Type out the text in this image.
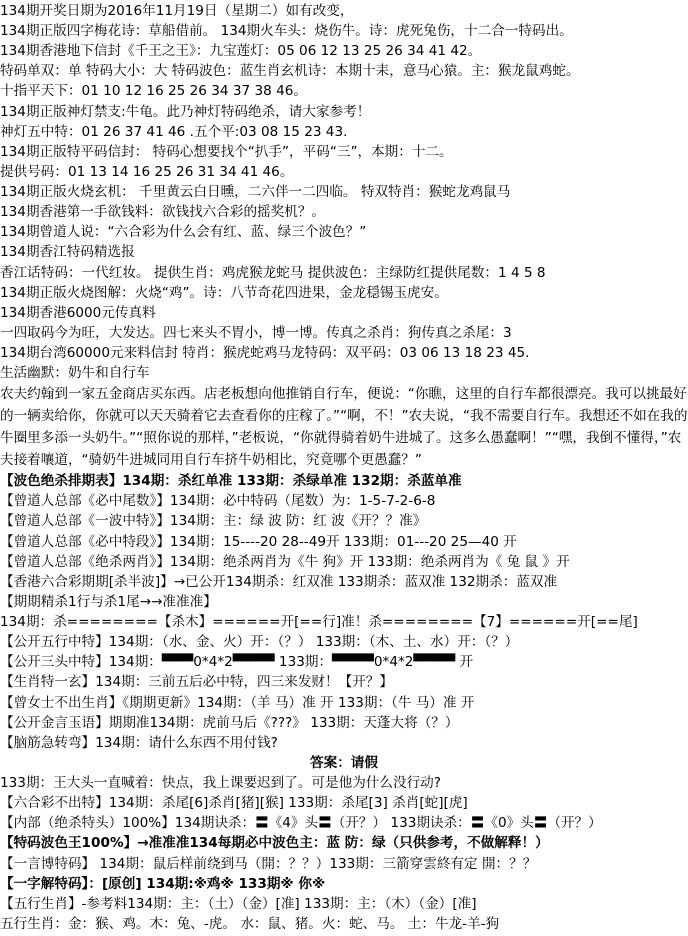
134期开奖日期为2016年11月19日（星期二）如有改变，
134期正版四字梅花诗：草船借前。 134期火车头：烧伤牛。诗：虎死兔伤，十二合一特码出。
134期香港地下信封《千王之王》：九宝莲灯：05 06 12 13 25 26 34 41 42。
特码单双：单 特码大小：大 特码波色：蓝生肖玄机诗：本期十耒，意马心猿。主：猴龙鼠鸡蛇。
十指平天下：01 10 12 16 25 26 34 37 38 46。
134期正版神灯禁支:牛龟。此乃神灯特码绝杀，请大家参考！
神灯五中特：01 26 37 41 46 .五个平:03 08 15 23 43.
134期正版特平码信封： 特码心想要找个“扒手”，平码“三”，本期：十二。
提供号码：01 13 14 16 25 26 31 34 41 46。
134期正版火烧玄机： 千里黄云白日曛，二六伴一二四临。 特双特肖：猴蛇龙鸡鼠马
134期香港第一手欲钱料：欲钱找六合彩的摇奖机？。
134期曾道人说：“六合彩为什么会有红、蓝、绿三个波色？”
134期香江特码精选报
香江话特码：一代红妆。 提供生肖：鸡虎猴龙蛇马 提供波色：主绿防红提供尾数：1 4 5 8
134期正版火烧图解：火烧“鸡”。诗：八节奇花四进果，金龙穏锡玉虎安。
134期香港6000元传真料
一四取码今为旺，大发达。四七来头不胃小，博一博。传真之杀肖：狗传真之杀尾：3
134期台湾60000元来料信封 特肖：猴虎蛇鸡马龙特码：双平码：03 06 13 18 23 45.
生活幽默：奶牛和自行车
农夫约翰到一家五金商店买东西。店老板想向他推销自行车，便说：“你瞧，这里的自行车都很漂亮。我可以挑最好的一辆卖给你，你就可以天天骑着它去查看你的庄稼了。”“啊，不！”农夫说，“我不需要自行车。我想还不如在我的牛圈里多添一头奶牛。”“照你说的那样，”老板说，“你就得骑着奶牛进城了。这多么愚蠢啊！”“嘿，我倒不懂得，”农夫接着嚷道，“骑奶牛进城同用自行车挤牛奶相比，究竟哪个更愚蠢？”
【波色绝杀排期表】134期：杀红单准 133期：杀绿单准 132期：杀蓝单准
【曾道人总部《必中尾数》】134期：必中特码（尾数）为：1-5-7-2-6-8
【曾道人总部《一波中特》】134期：主：绿 波 防：红 波《开？？准》
【曾道人总部《必中特段》】134期：15----20 28--49开 133期：01---20 25—40 开
【曾道人总部《绝杀两肖》】134期：绝杀两肖为《牛 狗》开 133期：绝杀两肖为《 兔 鼠 》开
【香港六合彩期期[杀半波]】→已公开134期杀：红双准 133期杀：蓝双准 132期杀：蓝双准
【期期精杀1行与杀1尾→→准准准】
134期：杀========【杀木】======开[==行]准！杀========【7】======开[==尾]
【公开五行中特】134期：（水、金、火）开：（？） 133期：（木、土、水）开：（？）
【公开三头中特】134期：▀▀▀0*4*2▀▀▀▀ 133期：▀▀▀▀0*4*2▀▀▀▀ 开
【生肖特一玄】134期：三前五后必中特，四三来发财！【开？】
【曾女士不出生肖】《期期更新》134期：（羊 马）准 开 133期：（牛 马）准 开
【公开金言玉语】期期准134期：虎前马后《???》 133期：天蓬大将（？）
【脑筋急转弯】134期：请什么东西不用付钱?
答案：请假
133期：王大头一直喊着：快点，我上课要迟到了。可是他为什么没行动?
【六合彩不出特】134期：杀尾[6]杀肖[猪][猴] 133期：杀尾[3] 杀肖[蛇][虎]
【内部（绝杀特头）100%】134期诀杀：〓《4》头〓（开？） 133期诀杀：〓《0》头〓（开？）
【特码波色王100%】→准准准134每期必中波色主：蓝 防：绿（只供参考，不做解释！）
【一言博特码】 134期：鼠后样前绕到马（開：？？）133期：三箭穿雲終有定 開：？？
【一字解特码】：[原创] 134期:※鸡※ 133期※ 你※
【五行生肖】-参考料134期：主：（土）（金）[准] 133期：主：（木）（金）[准]
五行生肖：金：猴、鸡。木：兔、-虎。 水：鼠、猪。火：蛇、马。 土：牛龙-羊-狗
